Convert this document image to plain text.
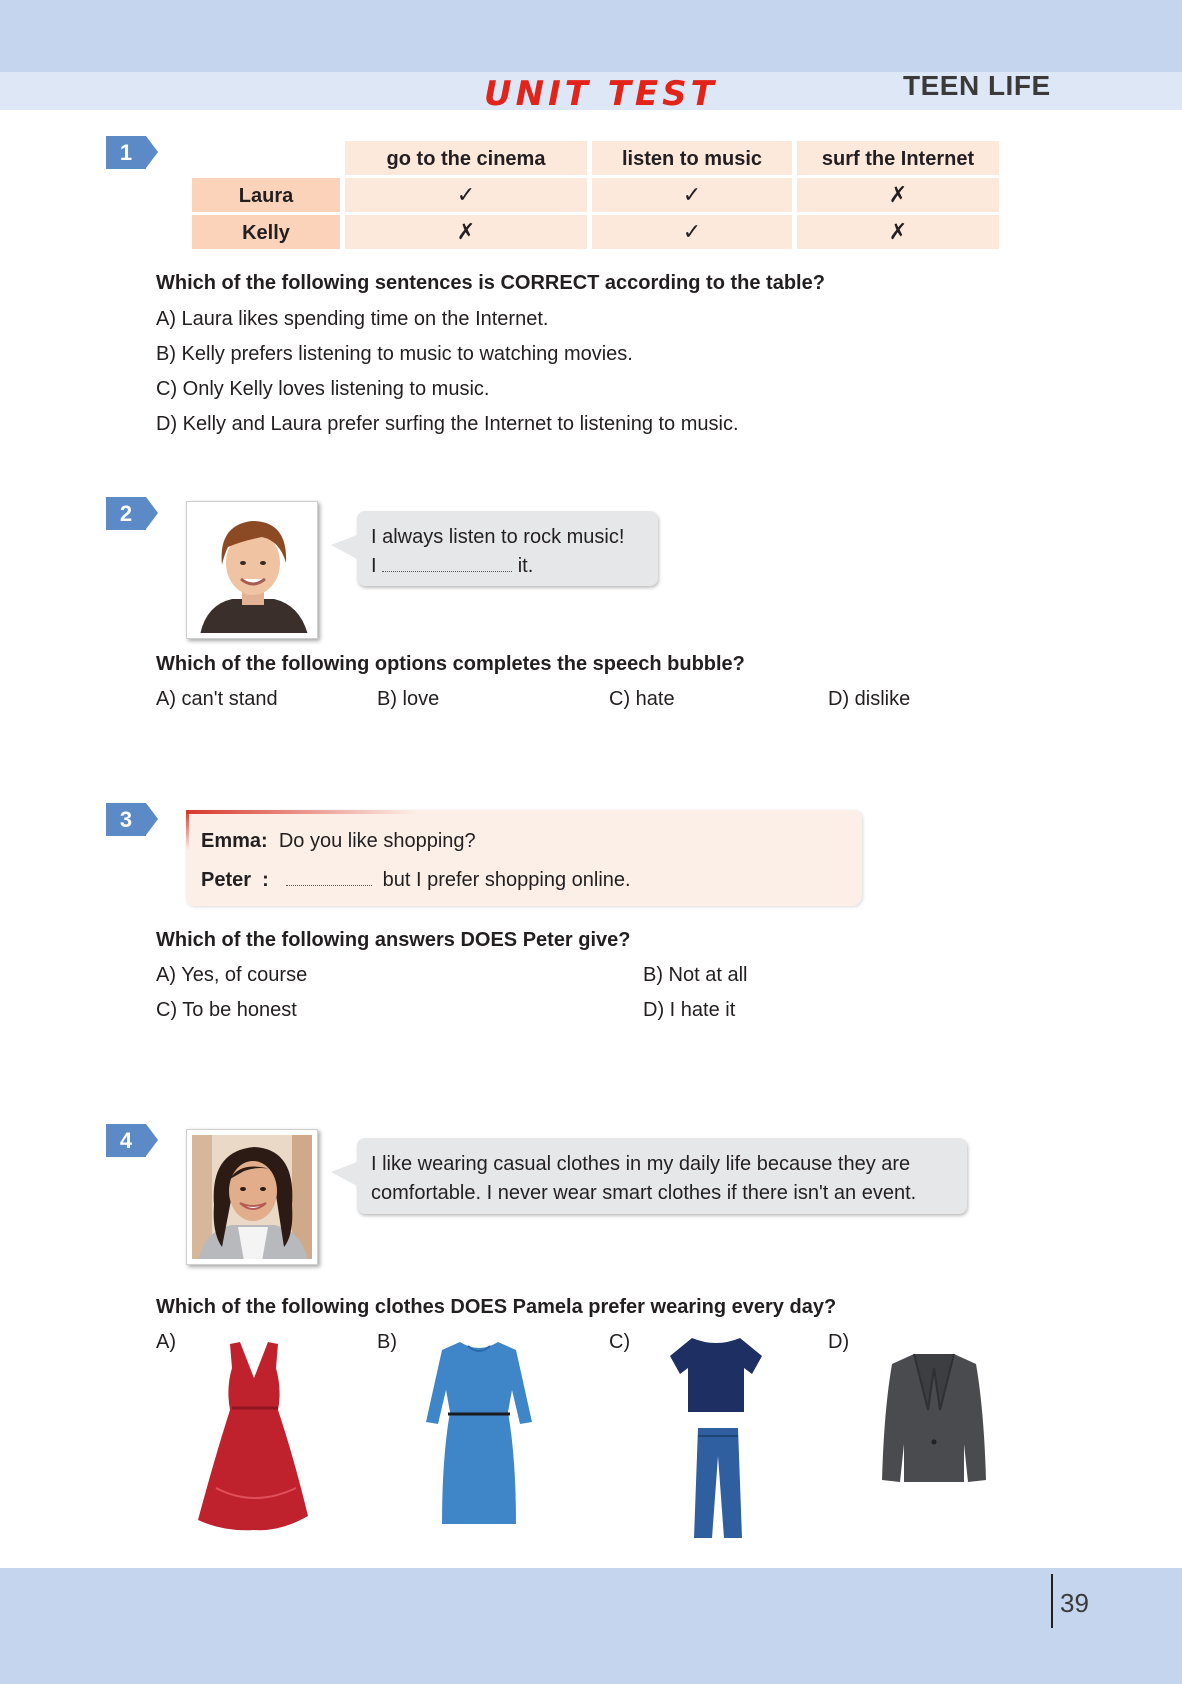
UNIT TEST	TEEN LIFE
1	go to the cinema	listen to music	surf the Internet
Laura	✓	✓	✗
Kelly	✗	✓	✗
Which of the following sentences is CORRECT according to the table?
A) Laura likes spending time on the Internet.
B) Kelly prefers listening to music to watching movies.
C) Only Kelly loves listening to music.
D) Kelly and Laura prefer surfing the Internet to listening to music.
2
I always listen to rock music!
I	it.
Which of the following options completes the speech bubble?
A) can't stand	B) love	C) hate	D) dislike
3
Emma: Do you like shopping?
Peter :	but I prefer shopping online.
Which of the following answers DOES Peter give?
A) Yes, of course	B) Not at all
C) To be honest	D) I hate it
4
I like wearing casual clothes in my daily life because they are
comfortable. I never wear smart clothes if there isn't an event.
Which of the following clothes DOES Pamela prefer wearing every day?
A)	B)	C)	D)
39
